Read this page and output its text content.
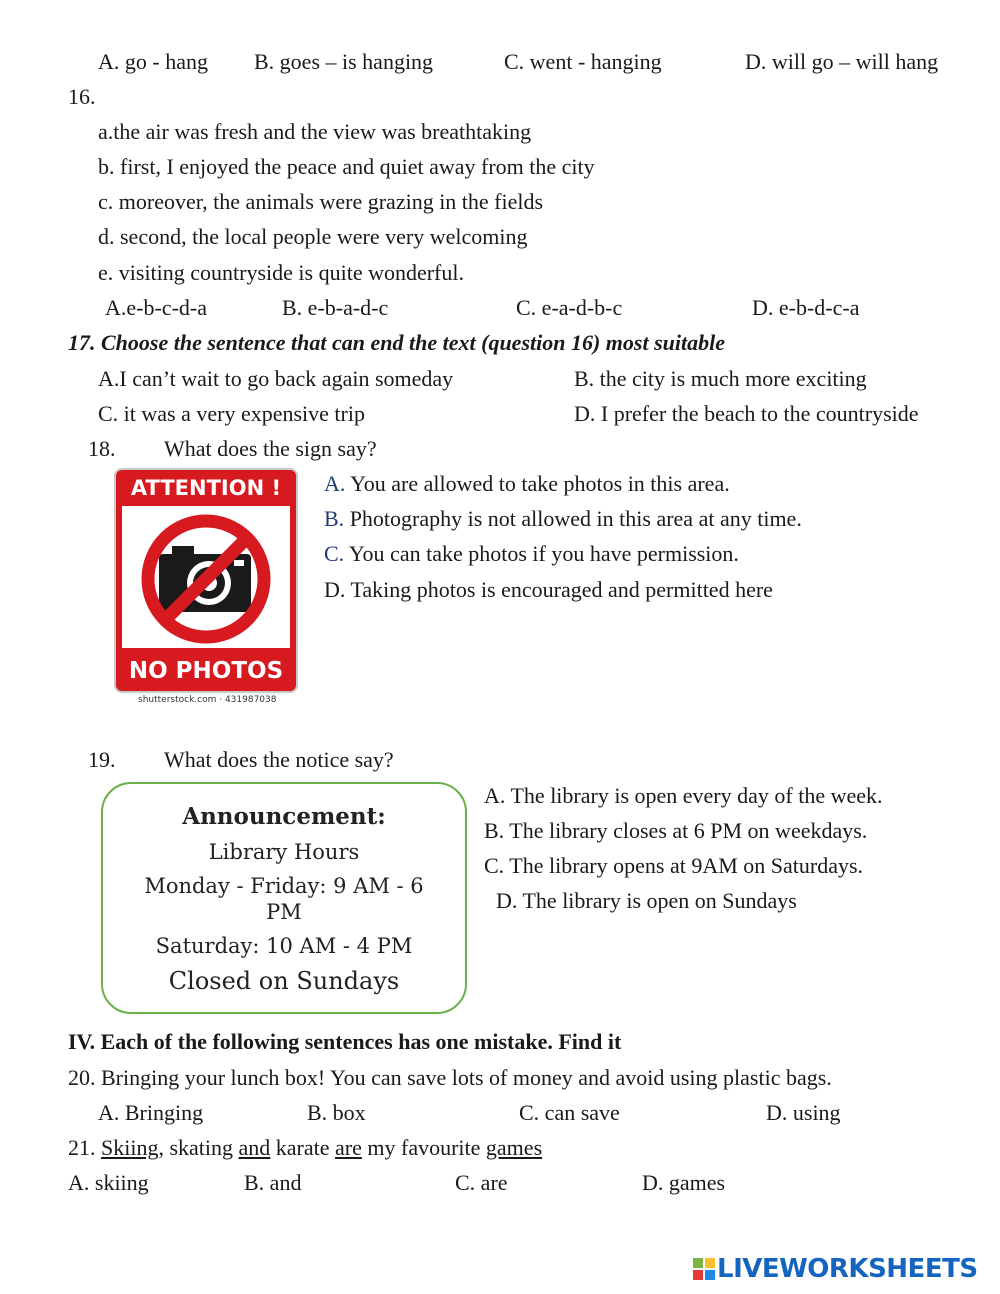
A. go - hang B. goes – is hanging	C. went - hanging	D. will go – will hang
16.
a.the air was fresh and the view was breathtaking
b. first, I enjoyed the peace and quiet away from the city
c. moreover, the animals were grazing in the fields
d. second, the local people were very welcoming
e. visiting countryside is quite wonderful.
A.e-b-c-d-a	B. e-b-a-d-c	C. e-a-d-b-c	D. e-b-d-c-a
17. Choose the sentence that can end the text (question 16) most suitable
A.I can’t wait to go back again someday	B. the city is much more exciting
C. it was a very expensive trip	D. I prefer the beach to the countryside
18. What does the sign say?
ATTENTION !
NO PHOTOS
shutterstock.com · 431987038
A. You are allowed to take photos in this area.
B. Photography is not allowed in this area at any time.
C. You can take photos if you have permission.
D. Taking photos is encouraged and permitted here
19. What does the notice say?
Announcement:
Library Hours
Monday - Friday: 9 AM - 6
PM
Saturday: 10 AM - 4 PM
Closed on Sundays
A. The library is open every day of the week.
B. The library closes at 6 PM on weekdays.
C. The library opens at 9AM on Saturdays.
D. The library is open on Sundays
IV. Each of the following sentences has one mistake. Find it
20. Bringing your lunch box! You can save lots of money and avoid using plastic bags.
A. Bringing	B. box	C. can save	D. using
21. Skiing, skating and karate are my favourite games
A. skiing	B. and	C. are	D. games
LIVEWORKSHEETS
